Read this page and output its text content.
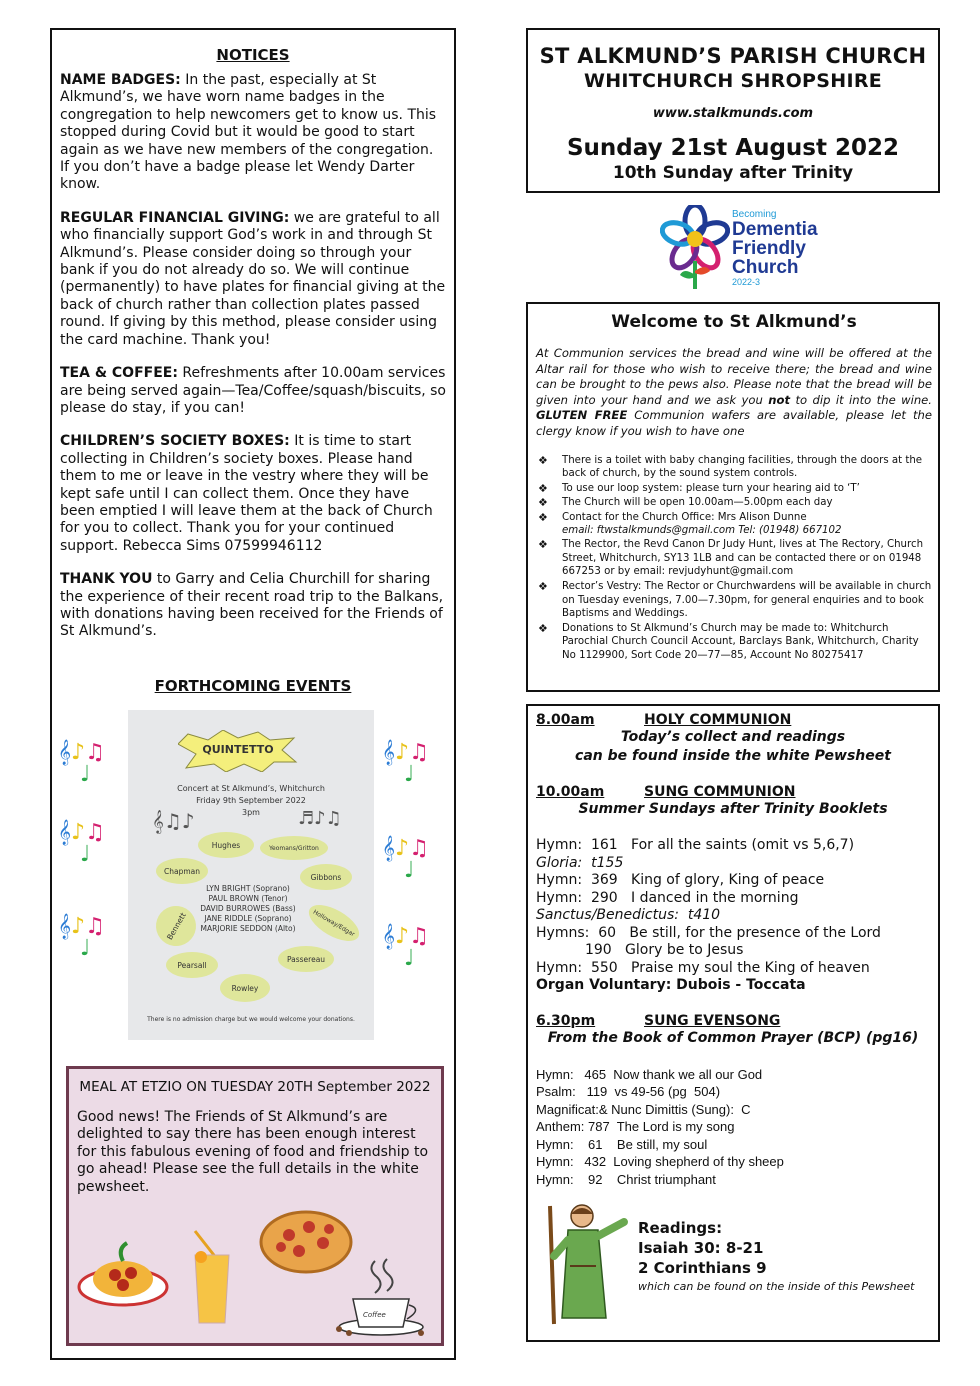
NOTICES

NAME BADGES: In the past, especially at St Alkmund’s, we have worn name badges in the congregation to help newcomers get to know us. This stopped during Covid but it would be good to start again as we have new members of the congregation. If you don’t have a badge please let Wendy Darter know.

REGULAR FINANCIAL GIVING: we are grateful to all who financially support God’s work in and through St Alkmund’s. Please consider doing so through your bank if you do not already do so. We will continue (permanently) to have plates for financial giving at the back of church rather than collection plates passed round. If giving by this method, please consider using the card machine. Thank you!

TEA & COFFEE: Refreshments after 10.00am services are being served again—Tea/Coffee/squash/biscuits, so please do stay, if you can!

CHILDREN’S SOCIETY BOXES: It is time to start collecting in Children’s society boxes. Please hand them to me or leave in the vestry where they will be kept safe until I can collect them. Once they have been emptied I will leave them at the back of Church for you to collect. Thank you for your continued support. Rebecca Sims 07599946112

THANK YOU to Garry and Celia Churchill for sharing the experience of their recent road trip to the Balkans, with donations having been received for the Friends of St Alkmund’s.

FORTHCOMING EVENTS
𝄞♪♫
♩
𝄞♪♫
♩
𝄞♪♫
♩
𝄞♪♫
♩
𝄞♪♫
♩
𝄞♪♫
♩
QUINTETTO
Concert at St Alkmund’s, Whitchurch
Friday 9th September 2022
3pm
𝄞♫♪	♬♪♫
Hughes	Yeomans/Gritton
Chapman
Gibbons
Bennett	Holloway/Edgar
Pearsall
Passereau
Rowley
LYN BRIGHT (Soprano)
PAUL BROWN (Tenor)
DAVID BURROWES (Bass)
JANE RIDDLE (Soprano)
MARJORIE SEDDON (Alto)
There is no admission charge but we would welcome your donations.
MEAL AT ETZIO ON TUESDAY 20TH September 2022
Good news! The Friends of St Alkmund’s are delighted to say there has been enough interest for this fabulous evening of food and friendship to go ahead! Please see the full details in the white pewsheet.
Coffee
ST ALKMUND’S PARISH CHURCH
WHITCHURCH SHROPSHIRE
www.stalkmunds.com
Sunday 21st August 2022
10th Sunday after Trinity
Becoming
Dementia
Friendly
Church
2022-3
Welcome to St Alkmund’s
At Communion services the bread and wine will be offered at the Altar rail for those who wish to receive there; the bread and wine can be brought to the pews also. Please note that the bread will be given into your hand and we ask you not to dip it into the wine. GLUTEN FREE Communion wafers are available, please let the clergy know if you wish to have one
❖ There is a toilet with baby changing facilities, through the doors at the back of church, by the sound system controls.
❖ To use our loop system: please turn your hearing aid to ‘T’
❖ The Church will be open 10.00am—5.00pm each day
❖ Contact for the Church Office: Mrs Alison Dunne
email: ftwstalkmunds@gmail.com Tel: (01948) 667102
❖ The Rector, the Revd Canon Dr Judy Hunt, lives at The Rectory, Church Street, Whitchurch, SY13 1LB and can be contacted there or on 01948 667253 or by email: revjudyhunt@gmail.com
❖ Rector’s Vestry: The Rector or Churchwardens will be available in church on Tuesday evenings, 7.00—7.30pm, for general enquiries and to book Baptisms and Weddings.
❖ Donations to St Alkmund’s Church may be made to: Whitchurch Parochial Church Council Account, Barclays Bank, Whitchurch, Charity No 1129900, Sort Code 20—77—85, Account No 80275417
8.00am	HOLY COMMUNION
Today’s collect and readings
can be found inside the white Pewsheet
10.00am	SUNG COMMUNION
Summer Sundays after Trinity Booklets
Hymn:  161   For all the saints (omit vs 5,6,7)
Gloria:  t155
Hymn:  369   King of glory, King of peace
Hymn:  290   I danced in the morning
Sanctus/Benedictus:  t410
Hymns:  60   Be still, for the presence of the Lord
190   Glory be to Jesus
Hymn:  550   Praise my soul the King of heaven
Organ Voluntary: Dubois - Toccata
6.30pm	SUNG EVENSONG
From the Book of Common Prayer (BCP) (pg16)
Hymn:   465  Now thank we all our God
Psalm:   119  vs 49-56 (pg  504)
Magnificat:& Nunc Dimittis (Sung):  C
Anthem: 787  The Lord is my song
Hymn:    61    Be still, my soul
Hymn:   432  Loving shepherd of thy sheep
Hymn:    92    Christ triumphant
Readings:
Isaiah 30: 8-21
2 Corinthians 9
which can be found on the inside of this Pewsheet
